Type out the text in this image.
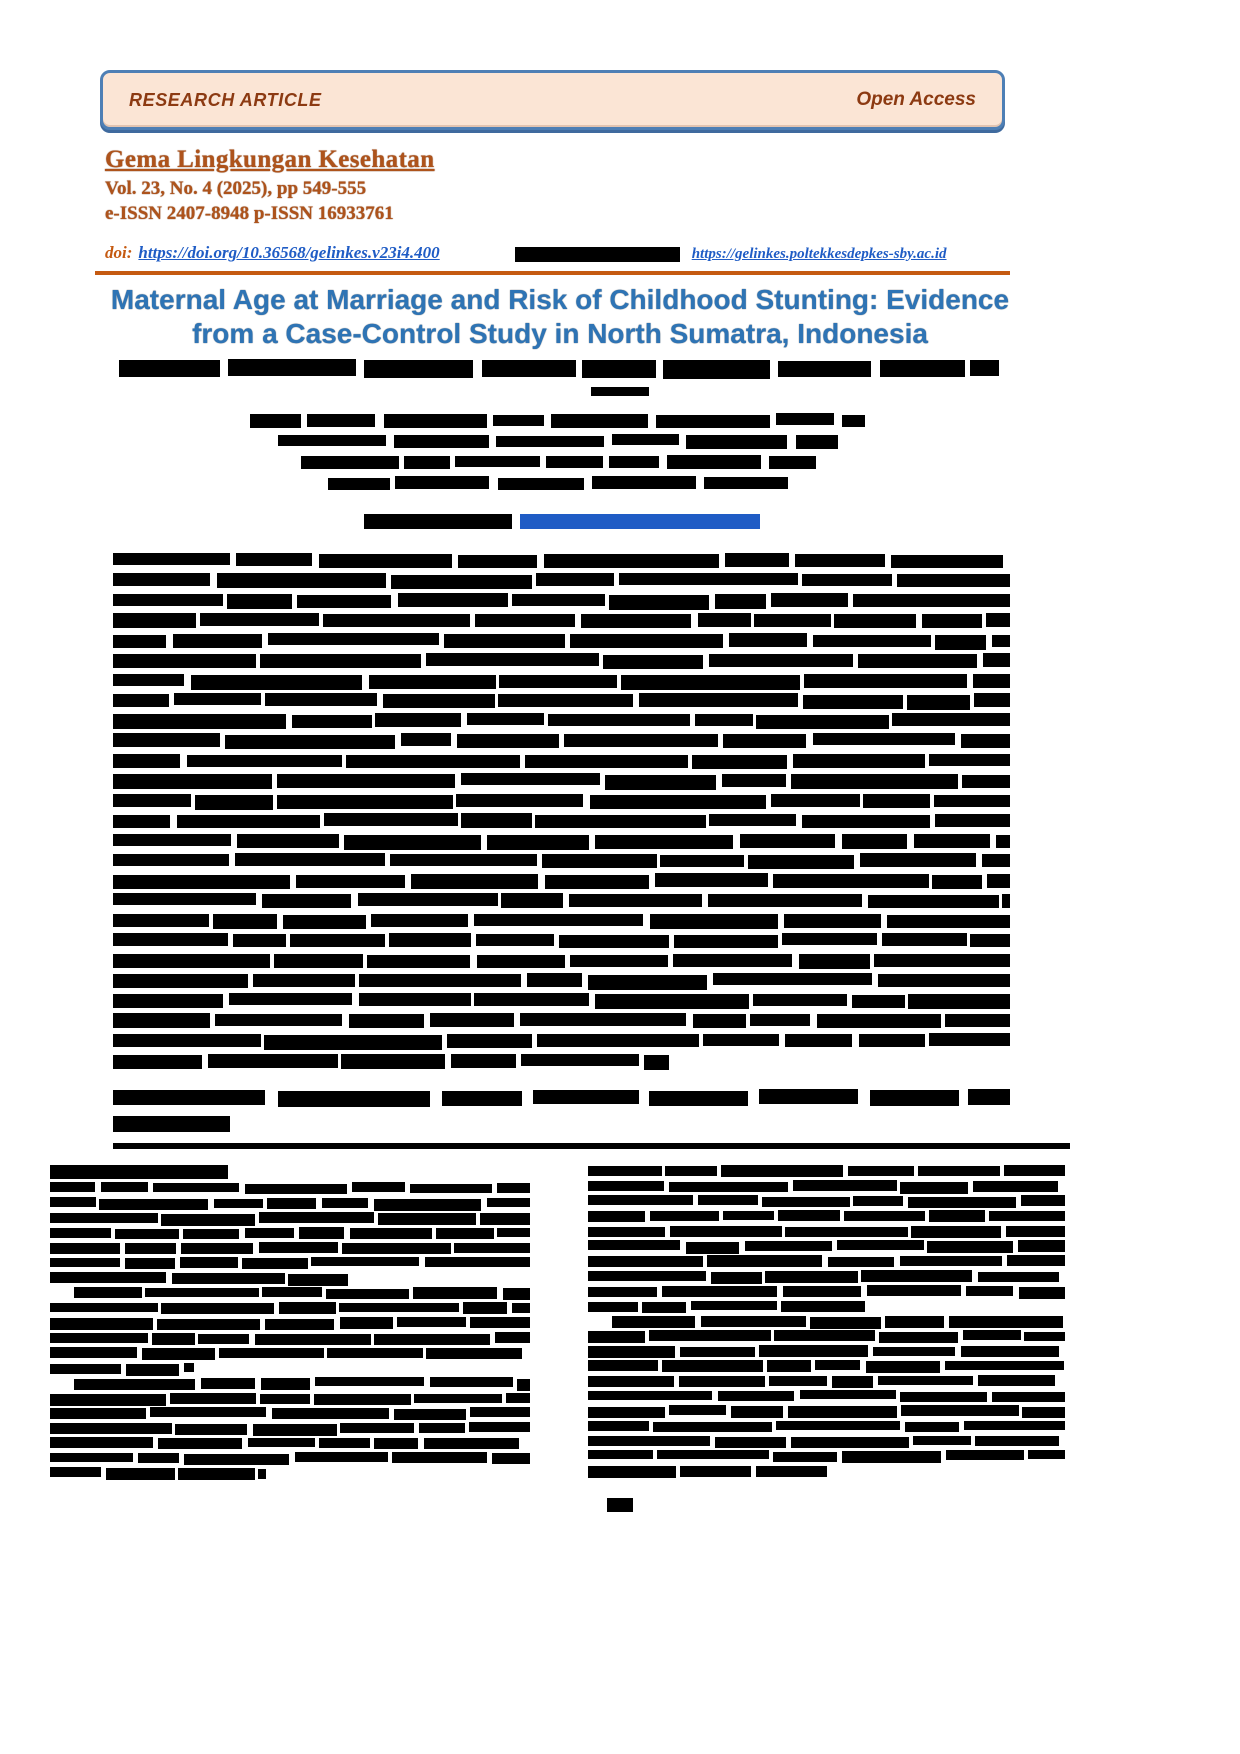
RESEARCH ARTICLE	Open Access
Gema Lingkungan Kesehatan
Vol. 23, No. 4 (2025), pp 549-555
e-ISSN 2407-8948 p-ISSN 16933761
doi: https://doi.org/10.36568/gelinkes.v23i4.400	https://gelinkes.poltekkesdepkes-sby.ac.id
Maternal Age at Marriage and Risk of Childhood Stunting: Evidence from a Case-Control Study in North Sumatra, Indonesia
